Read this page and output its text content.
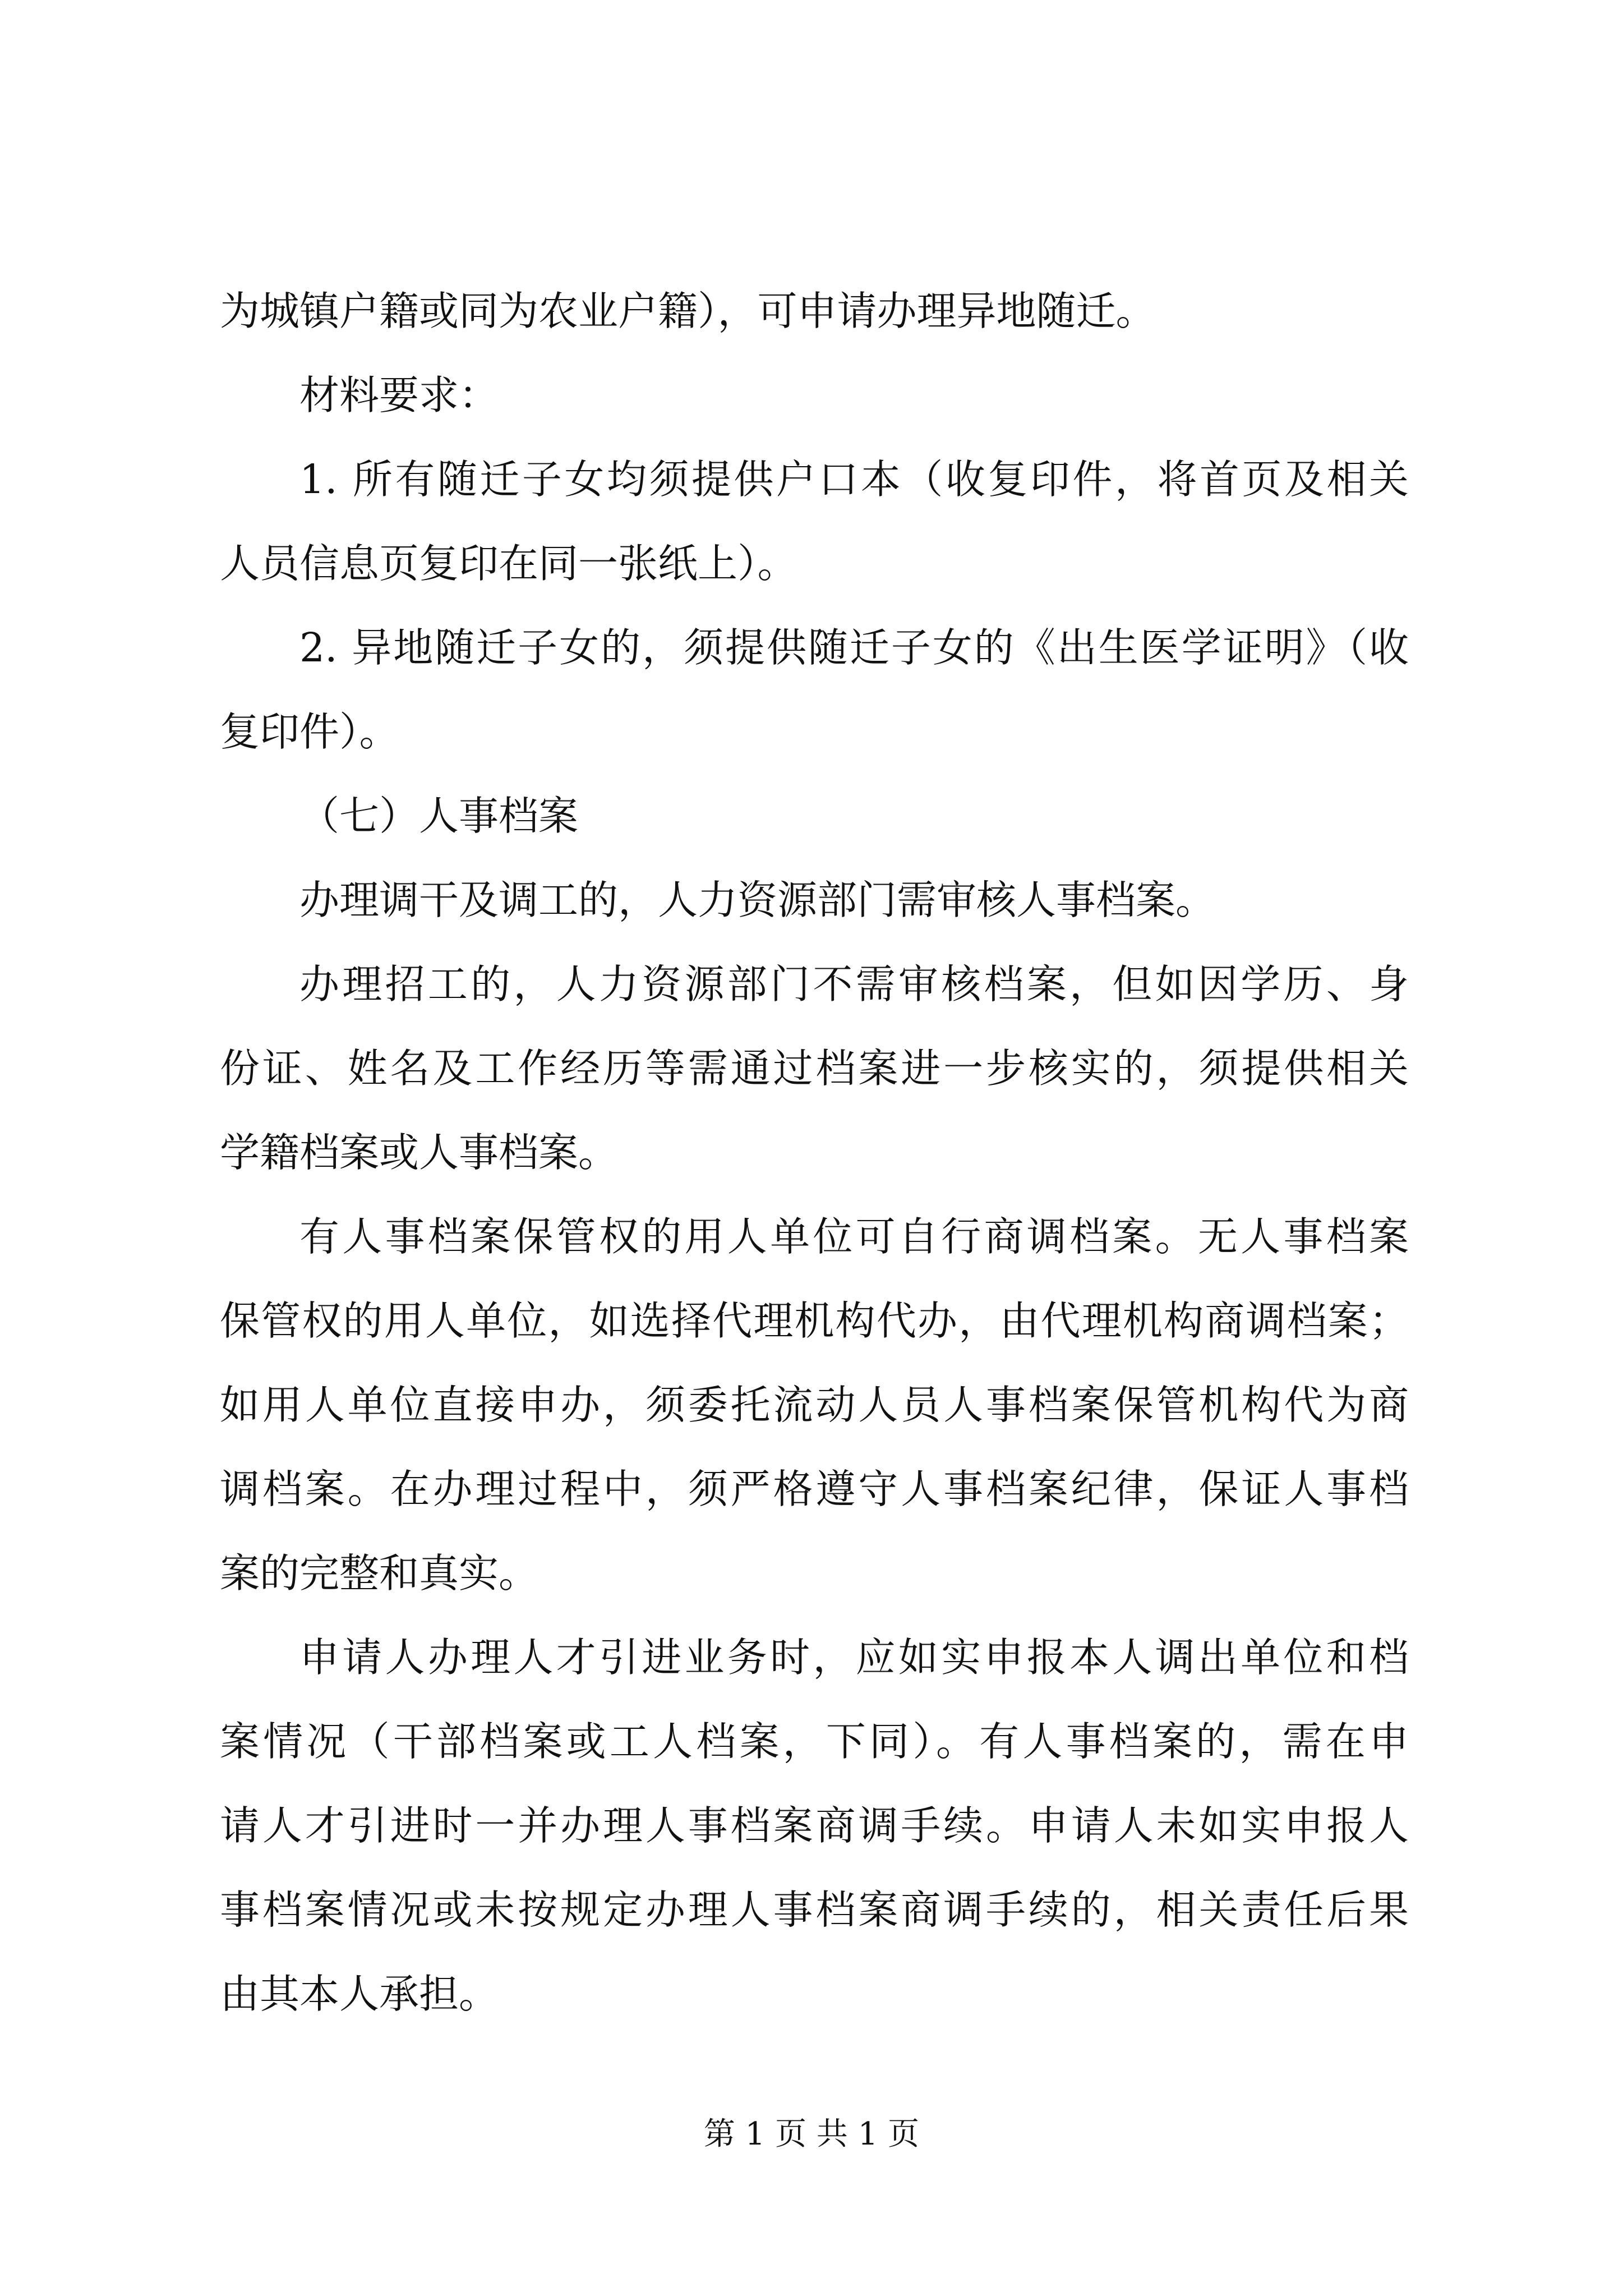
为城镇户籍或同为农业户籍），可申请办理异地随迁。
材料要求：
1. 所有随迁子女均须提供户口本（收复印件，将首页及相关
人员信息页复印在同一张纸上）。
2. 异地随迁子女的，须提供随迁子女的《出生医学证明》（收
复印件）。
（七）人事档案
办理调干及调工的，人力资源部门需审核人事档案。
办理招工的，人力资源部门不需审核档案，但如因学历、身
份证、姓名及工作经历等需通过档案进一步核实的，须提供相关
学籍档案或人事档案。
有人事档案保管权的用人单位可自行商调档案。无人事档案
保管权的用人单位，如选择代理机构代办，由代理机构商调档案；
如用人单位直接申办，须委托流动人员人事档案保管机构代为商
调档案。在办理过程中，须严格遵守人事档案纪律，保证人事档
案的完整和真实。
申请人办理人才引进业务时，应如实申报本人调出单位和档
案情况（干部档案或工人档案，下同）。有人事档案的，需在申
请人才引进时一并办理人事档案商调手续。申请人未如实申报人
事档案情况或未按规定办理人事档案商调手续的，相关责任后果
由其本人承担。
第 1 页 共 1 页
